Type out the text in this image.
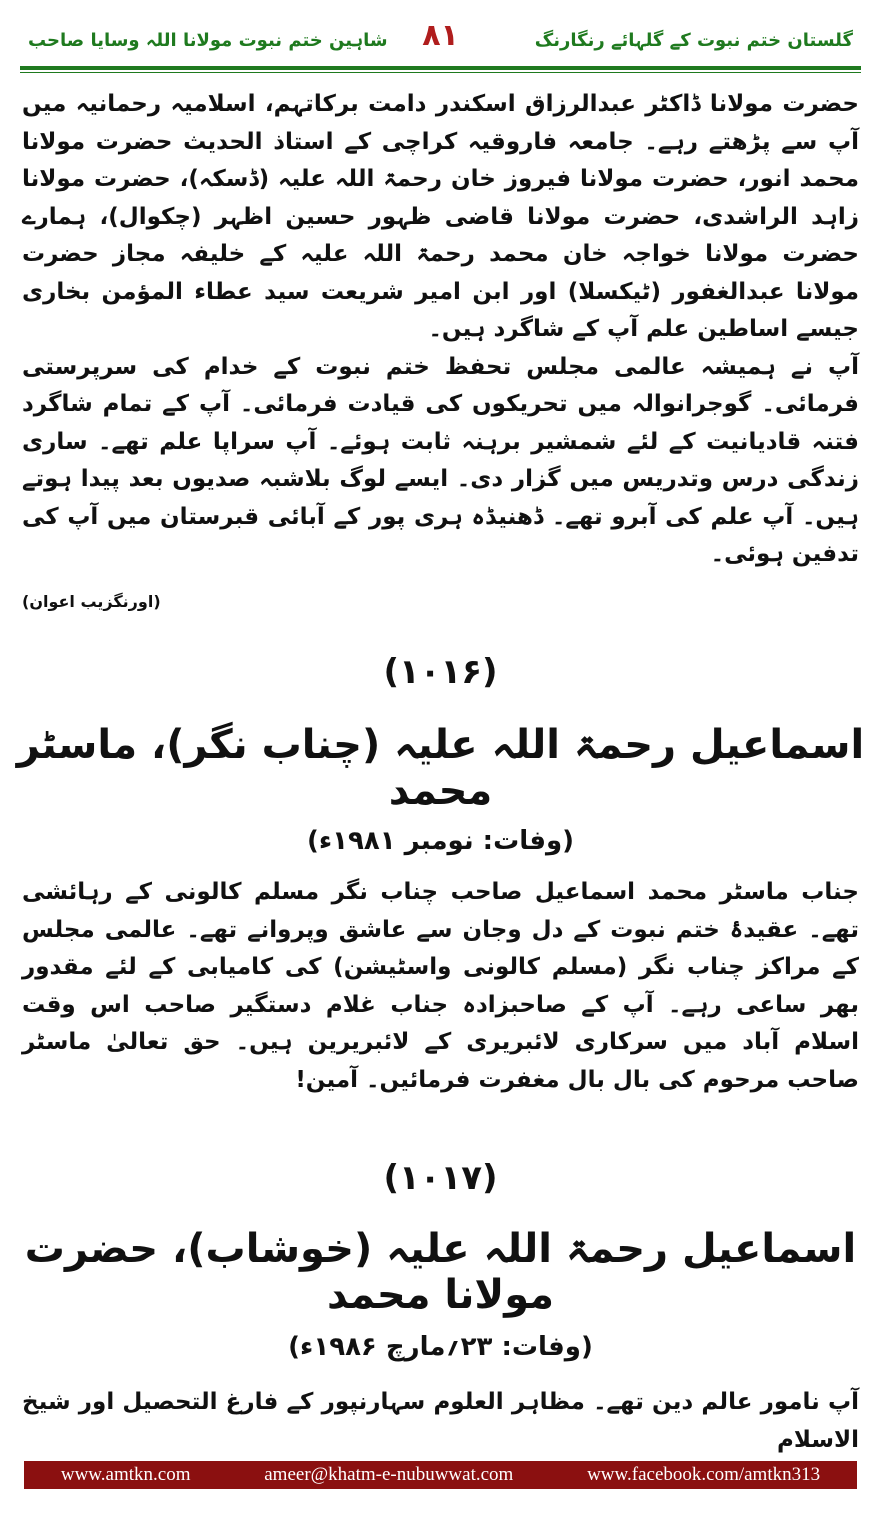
گلستان ختم نبوت کے گلہائے رنگارنگ
۸۱
شاہین ختم نبوت مولانا اللہ وسایا صاحب

حضرت مولانا ڈاکٹر عبدالرزاق اسکندر دامت برکاتہم، اسلامیہ رحمانیہ میں آپ سے پڑھتے رہے۔ جامعہ فاروقیہ کراچی کے استاذ الحدیث حضرت مولانا محمد انور، حضرت مولانا فیروز خان رحمۃ اللہ علیہ (ڈسکہ)، حضرت مولانا زاہد الراشدی، حضرت مولانا قاضی ظہور حسین اظہر (چکوال)، ہمارے حضرت مولانا خواجہ خان محمد رحمۃ اللہ علیہ کے خلیفہ مجاز حضرت مولانا عبدالغفور (ٹیکسلا) اور ابن امیر شریعت سید عطاء المؤمن بخاری جیسے اساطین علم آپ کے شاگرد ہیں۔

آپ نے ہمیشہ عالمی مجلس تحفظ ختم نبوت کے خدام کی سرپرستی فرمائی۔ گوجرانوالہ میں تحریکوں کی قیادت فرمائی۔ آپ کے تمام شاگرد فتنہ قادیانیت کے لئے شمشیر برہنہ ثابت ہوئے۔ آپ سراپا علم تھے۔ ساری زندگی درس وتدریس میں گزار دی۔ ایسے لوگ بلاشبہ صدیوں بعد پیدا ہوتے ہیں۔ آپ علم کی آبرو تھے۔ ڈھنیڈہ ہری پور کے آبائی قبرستان میں آپ کی تدفین ہوئی۔

(اورنگزیب اعوان)
(۱۰۱۶)
اسماعیل رحمۃ اللہ علیہ (چناب نگر)، ماسٹر محمد
(وفات: نومبر ۱۹۸۱ء)

جناب ماسٹر محمد اسماعیل صاحب چناب نگر مسلم کالونی کے رہائشی تھے۔ عقیدۂ ختم نبوت کے دل وجان سے عاشق وپروانے تھے۔ عالمی مجلس کے مراکز چناب نگر (مسلم کالونی واسٹیشن) کی کامیابی کے لئے مقدور بھر ساعی رہے۔ آپ کے صاحبزادہ جناب غلام دستگیر صاحب اس وقت اسلام آباد میں سرکاری لائبریری کے لائبریرین ہیں۔ حق تعالیٰ ماسٹر صاحب مرحوم کی بال بال مغفرت فرمائیں۔ آمین!

(۱۰۱۷)
اسماعیل رحمۃ اللہ علیہ (خوشاب)، حضرت مولانا محمد
(وفات: ۲۳؍مارچ ۱۹۸۶ء)

آپ نامور عالم دین تھے۔ مظاہر العلوم سہارنپور کے فارغ التحصیل اور شیخ الاسلام

www.amtkn.com	ameer@khatm-e-nubuwwat.com	www.facebook.com/amtkn313
